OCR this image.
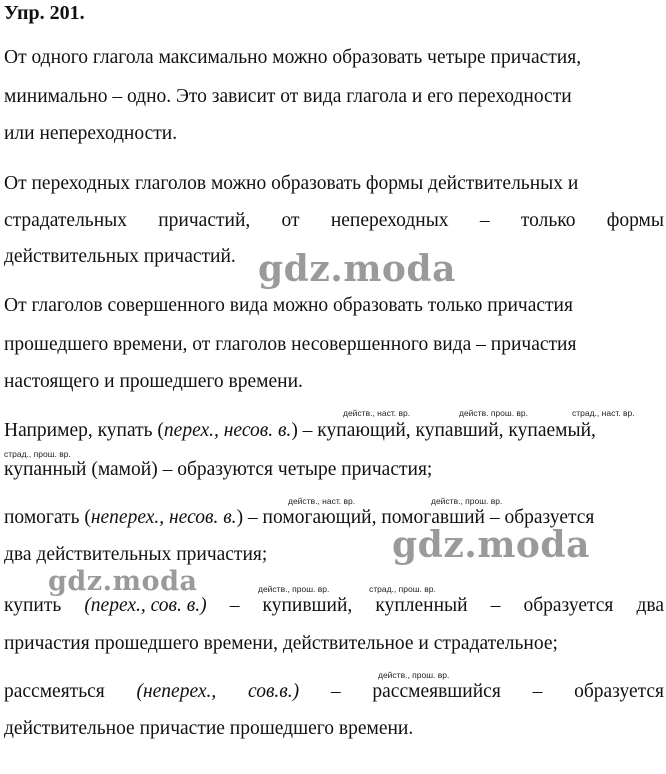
Упр. 201.
От одного глагола максимально можно образовать четыре причастия,
минимально – одно. Это зависит от вида глагола и его переходности
или непереходности.
От переходных глаголов можно образовать формы действительных и
страдательных причастий, от непереходных – только формы
действительных причастий.
От глаголов совершенного вида можно образовать только причастия
прошедшего времени, от глаголов несовершенного вида – причастия
настоящего и прошедшего времени.
действ., наст. вр.	действ. прош. вр.	страд., наст. вр.
Например, купать (перех., несов. в.) – купающий, купавший, купаемый,
страд., прош. вр.
купанный (мамой) – образуются четыре причастия;
действ., наст. вр.	действ., прош. вр.
помогать (неперех., несов. в.) – помогающий, помогавший – образуется
два действительных причастия;
действ., прош. вр.	страд., прош. вр.
купить (перех., сов. в.) – купивший, купленный – образуется два
причастия прошедшего времени, действительное и страдательное;
действ., прош. вр.
рассмеяться (неперех., сов.в.) – рассмеявшийся – образуется
действительное причастие прошедшего времени.
gdz.moda
gdz.moda
gdz.moda
